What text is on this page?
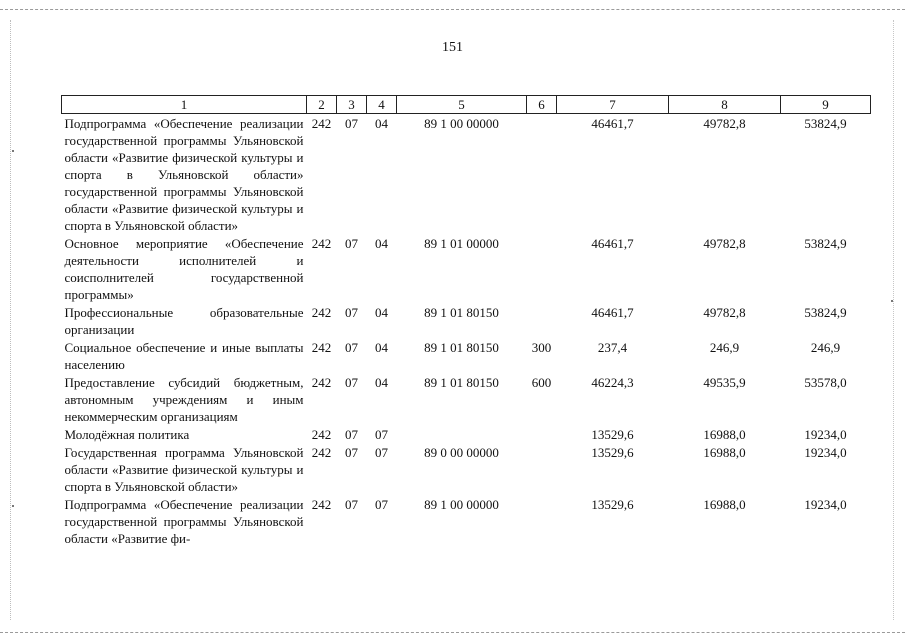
151
1	2	3	4	5	6	7	8	9
Подпрограмма «Обеспечение реализации государственной программы Ульяновской области «Развитие физической культуры и спорта в Ульяновской области» государственной программы Ульяновской области «Развитие физической культуры и спорта в Ульяновской области»	242	07	04	89 1 00 00000		46461,7	49782,8	53824,9
Основное мероприятие «Обеспечение деятельности исполнителей и соисполнителей государственной программы»	242	07	04	89 1 01 00000		46461,7	49782,8	53824,9
Профессиональные образовательные организации	242	07	04	89 1 01 80150		46461,7	49782,8	53824,9
Социальное обеспечение и иные выплаты населению	242	07	04	89 1 01 80150	300	237,4	246,9	246,9
Предоставление субсидий бюджетным, автономным учреждениям и иным некоммерческим организациям	242	07	04	89 1 01 80150	600	46224,3	49535,9	53578,0
Молодёжная политика	242	07	07			13529,6	16988,0	19234,0
Государственная программа Ульяновской области «Развитие физической культуры и спорта в Ульяновской области»	242	07	07	89 0 00 00000		13529,6	16988,0	19234,0
Подпрограмма «Обеспечение реализации государственной программы Ульяновской области «Развитие фи-	242	07	07	89 1 00 00000		13529,6	16988,0	19234,0
